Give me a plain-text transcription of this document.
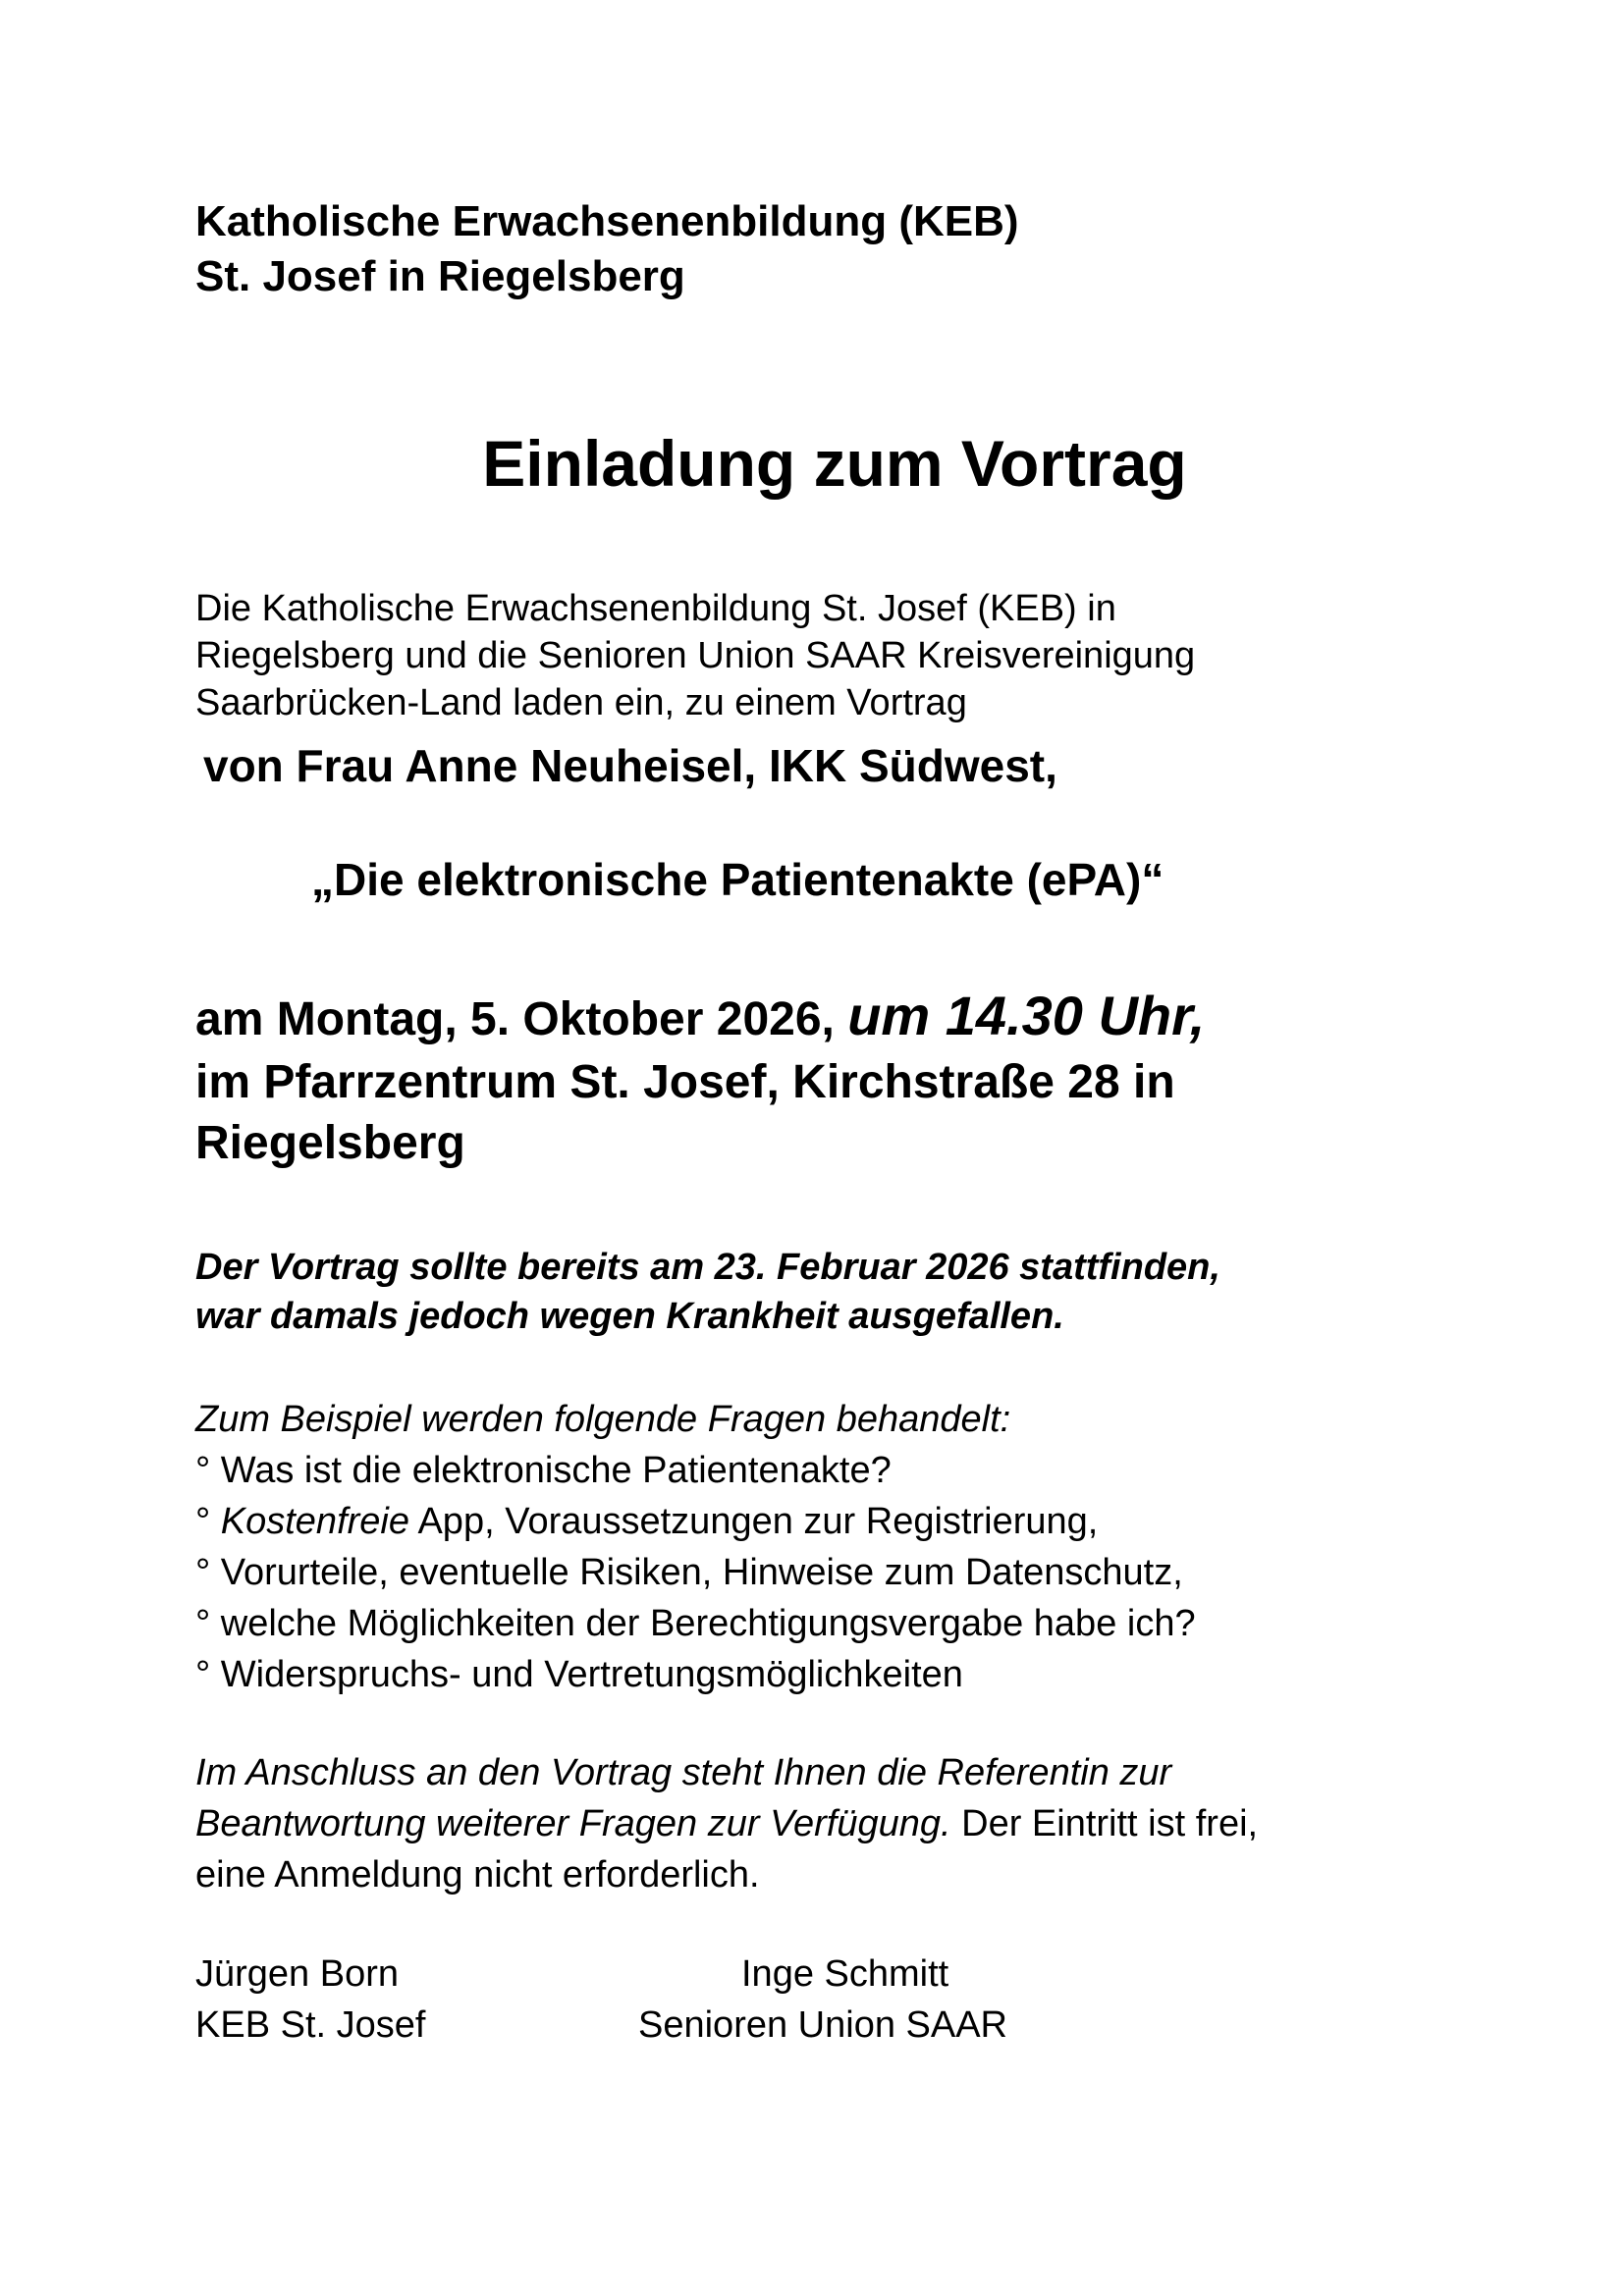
Katholische Erwachsenenbildung (KEB)
St. Josef in Riegelsberg
Einladung zum Vortrag
Die Katholische Erwachsenenbildung St. Josef (KEB) in
Riegelsberg und die Senioren Union SAAR Kreisvereinigung
Saarbrücken-Land laden ein, zu einem Vortrag
von Frau Anne Neuheisel, IKK Südwest,
„Die elektronische Patientenakte (ePA)“
am Montag, 5. Oktober 2026, um 14.30 Uhr,
im Pfarrzentrum St. Josef, Kirchstraße 28 in
Riegelsberg
Der Vortrag sollte bereits am 23. Februar 2026 stattfinden,
war damals jedoch wegen Krankheit ausgefallen.
Zum Beispiel werden folgende Fragen behandelt:
° Was ist die elektronische Patientenakte?
° Kostenfreie App, Voraussetzungen zur Registrierung,
° Vorurteile, eventuelle Risiken, Hinweise zum Datenschutz,
° welche Möglichkeiten der Berechtigungsvergabe habe ich?
° Widerspruchs- und Vertretungsmöglichkeiten
Im Anschluss an den Vortrag steht Ihnen die Referentin zur
Beantwortung weiterer Fragen zur Verfügung. Der Eintritt ist frei,
eine Anmeldung nicht erforderlich.
Jürgen Born
KEB St. Josef
Inge Schmitt
Senioren Union SAAR
